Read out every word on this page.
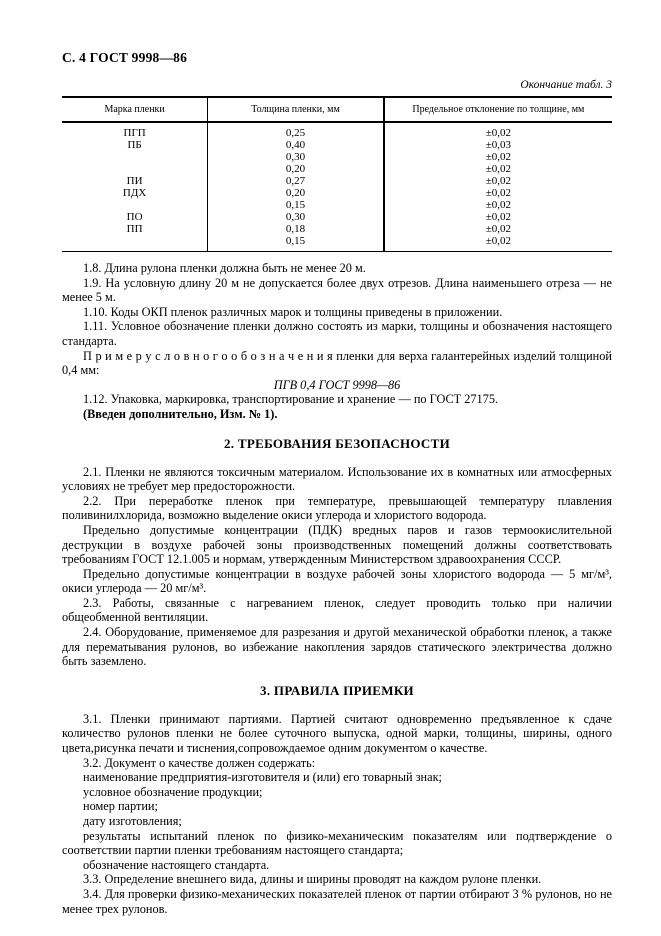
С. 4 ГОСТ 9998—86
Окончание табл. 3
Марка пленки	Толщина пленки, мм	Предельное отклонение по толщине, мм
ПГП	0,25	±0,02
ПБ	0,40	±0,03
	0,30	±0,02
	0,20	±0,02
ПИ	0,27	±0,02
ПДХ	0,20	±0,02
	0,15	±0,02
ПО	0,30	±0,02
ПП	0,18	±0,02
	0,15	±0,02

1.8. Длина рулона пленки должна быть не менее 20 м.

1.9. На условную длину 20 м не допускается более двух отрезов. Длина наименьшего отреза — не менее 5 м.

1.10. Коды ОКП пленок различных марок и толщины приведены в приложении.

1.11. Условное обозначение пленки должно состоять из марки, толщины и обозначения настоящего стандарта.

П р и м е р у с л о в н о г о о б о з н а ч е н и я пленки для верха галантерейных изделий толщиной 0,4 мм:

ПГВ 0,4 ГОСТ 9998—86

1.12. Упаковка, маркировка, транспортирование и хранение — по ГОСТ 27175.

(Введен дополнительно, Изм. № 1).

2. ТРЕБОВАНИЯ БЕЗОПАСНОСТИ

2.1. Пленки не являются токсичным материалом. Использование их в комнатных или атмосферных условиях не требует мер предосторожности.

2.2. При переработке пленок при температуре, превышающей температуру плавления поливинилхлорида, возможно выделение окиси углерода и хлористого водорода.

Предельно допустимые концентрации (ПДК) вредных паров и газов термоокислительной деструкции в воздухе рабочей зоны производственных помещений должны соответствовать требованиям ГОСТ 12.1.005 и нормам, утвержденным Министерством здравоохранения СССР.

Предельно допустимые концентрации в воздухе рабочей зоны хлористого водорода — 5 мг/м³, окиси углерода — 20 мг/м³.

2.3. Работы, связанные с нагреванием пленок, следует проводить только при наличии общеобменной вентиляции.

2.4. Оборудование, применяемое для разрезания и другой механической обработки пленок, а также для перематывания рулонов, во избежание накопления зарядов статического электричества должно быть заземлено.

3. ПРАВИЛА ПРИЕМКИ

3.1. Пленки принимают партиями. Партией считают одновременно предъявленное к сдаче количество рулонов пленки не более суточного выпуска, одной марки, толщины, ширины, одного цвета,рисунка печати и тиснения,сопровождаемое одним документом о качестве.

3.2. Документ о качестве должен содержать:

наименование предприятия-изготовителя и (или) его товарный знак;

условное обозначение продукции;

номер партии;

дату изготовления;

результаты испытаний пленок по физико-механическим показателям или подтверждение о соответствии партии пленки требованиям настоящего стандарта;

обозначение настоящего стандарта.

3.3. Определение внешнего вида, длины и ширины проводят на каждом рулоне пленки.

3.4. Для проверки физико-механических показателей пленок от партии отбирают 3 % рулонов, но не менее трех рулонов.
